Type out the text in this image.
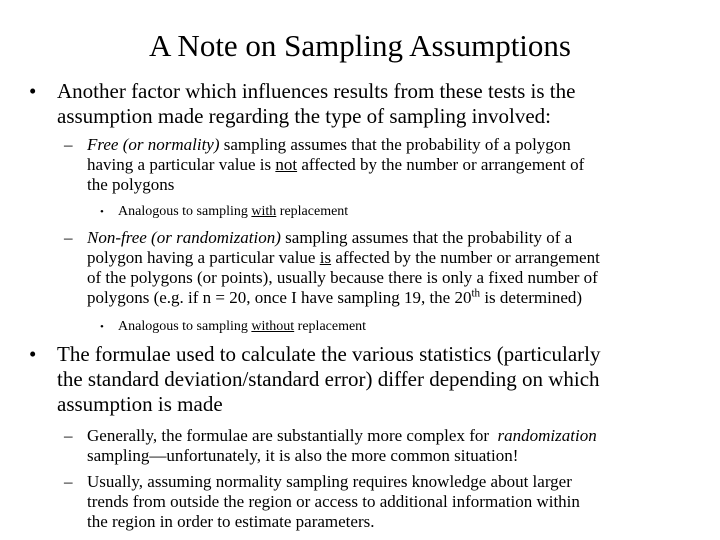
A Note on Sampling Assumptions
• Another factor which influences results from these tests is the
assumption made regarding the type of sampling involved:
– Free (or normality) sampling assumes that the probability of a polygon
having a particular value is not affected by the number or arrangement of
the polygons
• Analogous to sampling with replacement
– Non-free (or randomization) sampling assumes that the probability of a
polygon having a particular value is affected by the number or arrangement
of the polygons (or points), usually because there is only a fixed number of
polygons (e.g. if n = 20, once I have sampling 19, the 20th is determined)
• Analogous to sampling without replacement
• The formulae used to calculate the various statistics (particularly
the standard deviation/standard error) differ depending on which
assumption is made
– Generally, the formulae are substantially more complex for  randomization
sampling—unfortunately, it is also the more common situation!
– Usually, assuming normality sampling requires knowledge about larger
trends from outside the region or access to additional information within
the region in order to estimate parameters.
